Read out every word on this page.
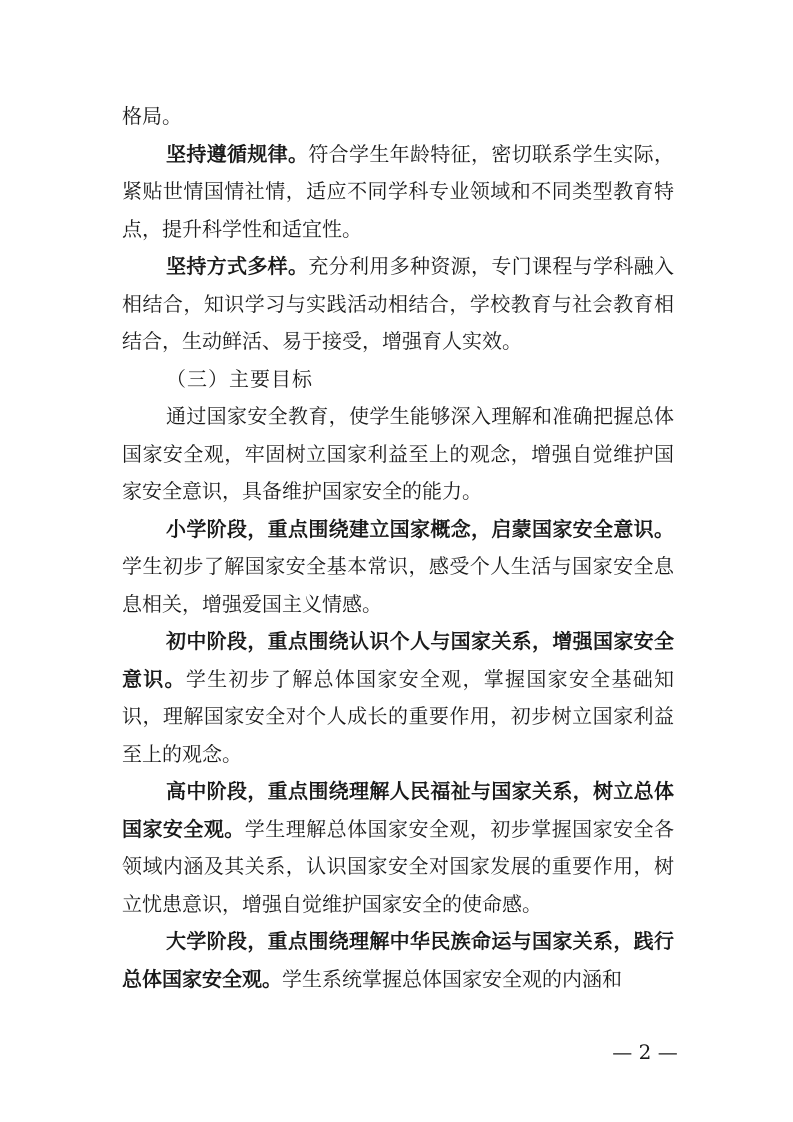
格局。

坚持遵循规律。符合学生年龄特征，密切联系学生实际，紧贴世情国情社情，适应不同学科专业领域和不同类型教育特点，提升科学性和适宜性。

坚持方式多样。充分利用多种资源，专门课程与学科融入相结合，知识学习与实践活动相结合，学校教育与社会教育相结合，生动鲜活、易于接受，增强育人实效。

（三）主要目标

通过国家安全教育，使学生能够深入理解和准确把握总体国家安全观，牢固树立国家利益至上的观念，增强自觉维护国家安全意识，具备维护国家安全的能力。

小学阶段，重点围绕建立国家概念，启蒙国家安全意识。学生初步了解国家安全基本常识，感受个人生活与国家安全息息相关，增强爱国主义情感。

初中阶段，重点围绕认识个人与国家关系，增强国家安全意识。学生初步了解总体国家安全观，掌握国家安全基础知识，理解国家安全对个人成长的重要作用，初步树立国家利益至上的观念。

高中阶段，重点围绕理解人民福祉与国家关系，树立总体国家安全观。学生理解总体国家安全观，初步掌握国家安全各领域内涵及其关系，认识国家安全对国家发展的重要作用，树立忧患意识，增强自觉维护国家安全的使命感。

大学阶段，重点围绕理解中华民族命运与国家关系，践行总体国家安全观。学生系统掌握总体国家安全观的内涵和

— 2 —
